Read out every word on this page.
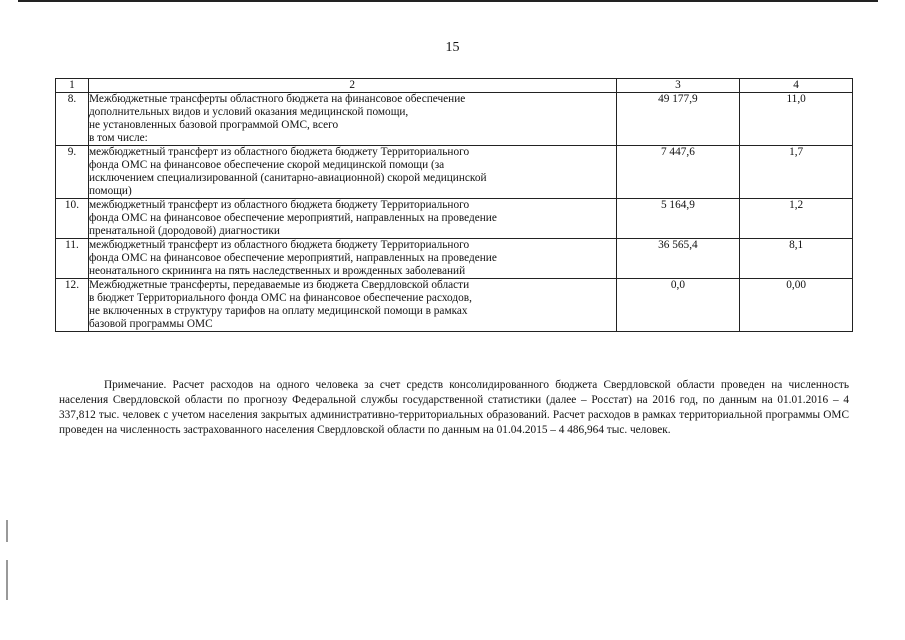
15
1	2	3	4
8.	Межбюджетные трансферты областного бюджета на финансовое обеспечение
дополнительных видов и условий оказания медицинской помощи,
не установленных базовой программой ОМС, всего
в том числе:	49 177,9	11,0
9.	межбюджетный трансферт из областного бюджета бюджету Территориального
фонда ОМС на финансовое обеспечение скорой медицинской помощи (за
исключением специализированной (санитарно-авиационной) скорой медицинской
помощи)	7 447,6	1,7
10.	межбюджетный трансферт из областного бюджета бюджету Территориального
фонда ОМС на финансовое обеспечение мероприятий, направленных на проведение
пренатальной (дородовой) диагностики	5 164,9	1,2
11.	межбюджетный трансферт из областного бюджета бюджету Территориального
фонда ОМС на финансовое обеспечение мероприятий, направленных на проведение
неонатального скрининга на пять наследственных и врожденных заболеваний	36 565,4	8,1
12.	Межбюджетные трансферты, передаваемые из бюджета Свердловской области
в бюджет Территориального фонда ОМС на финансовое обеспечение расходов,
не включенных в структуру тарифов на оплату медицинской помощи в рамках
базовой программы ОМС	0,0	0,00
Примечание. Расчет расходов на одного человека за счет средств консолидированного бюджета Свердловской области проведен на численность населения Свердловской области по прогнозу Федеральной службы государственной статистики (далее – Росстат) на 2016 год, по данным на 01.01.2016 – 4 337,812 тыс. человек с учетом населения закрытых административно-территориальных образований. Расчет расходов в рамках территориальной программы ОМС проведен на численность застрахованного населения Свердловской области по данным на 01.04.2015 – 4 486,964 тыс. человек.
